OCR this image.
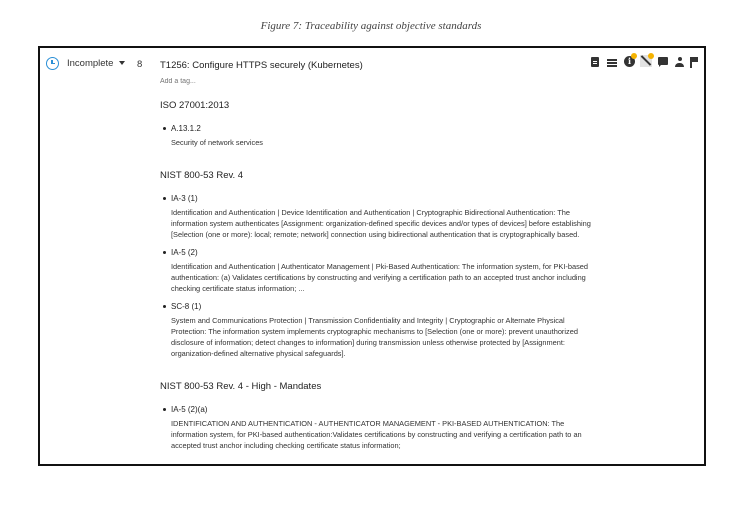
Figure 7: Traceability against objective standards
Incomplete 8 T1256: Configure HTTPS securely (Kubernetes)
Add a tag...	i
ISO 27001:2013
A.13.1.2
Security of network services
NIST 800-53 Rev. 4
IA-3 (1)
Identification and Authentication | Device Identification and Authentication | Cryptographic Bidirectional Authentication: The information system authenticates [Assignment: organization-defined specific devices and/or types of devices] before establishing [Selection (one or more): local; remote; network] connection using bidirectional authentication that is cryptographically based.
IA-5 (2)
Identification and Authentication | Authenticator Management | Pki-Based Authentication: The information system, for PKI-based authentication: (a) Validates certifications by constructing and verifying a certification path to an accepted trust anchor including checking certificate status information; ...
SC-8 (1)
System and Communications Protection | Transmission Confidentiality and Integrity | Cryptographic or Alternate Physical Protection: The information system implements cryptographic mechanisms to [Selection (one or more): prevent unauthorized disclosure of information; detect changes to information] during transmission unless otherwise protected by [Assignment: organization-defined alternative physical safeguards].
NIST 800-53 Rev. 4 - High - Mandates
IA-5 (2)(a)
IDENTIFICATION AND AUTHENTICATION - AUTHENTICATOR MANAGEMENT - PKI-BASED AUTHENTICATION: The information system, for PKI-based authentication:Validates certifications by constructing and verifying a certification path to an accepted trust anchor including checking certificate status information;
